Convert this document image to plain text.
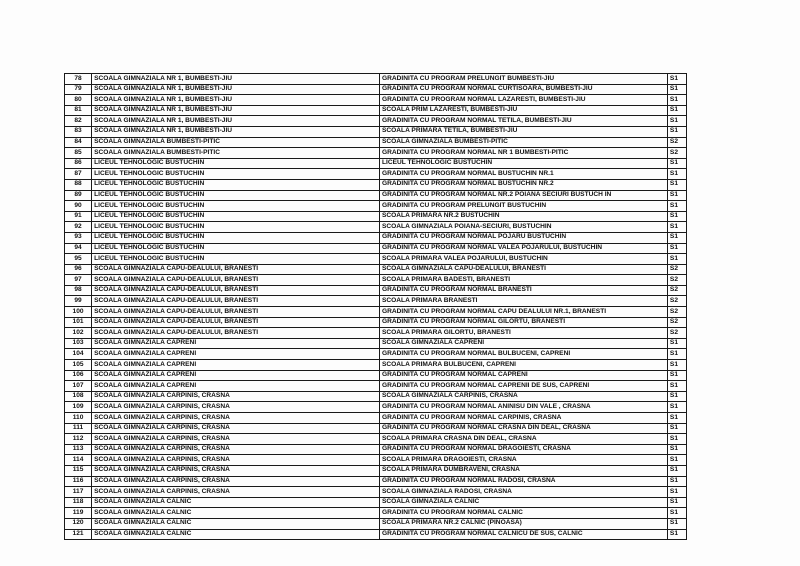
78	SCOALA GIMNAZIALA NR 1, BUMBESTI-JIU	GRADINITA CU PROGRAM PRELUNGIT BUMBESTI-JIU	S1
79	SCOALA GIMNAZIALA NR 1, BUMBESTI-JIU	GRADINITA CU PROGRAM NORMAL CURTISOARA, BUMBESTI-JIU	S1
80	SCOALA GIMNAZIALA NR 1, BUMBESTI-JIU	GRADINITA CU PROGRAM NORMAL LAZARESTI, BUMBESTI-JIU	S1
81	SCOALA GIMNAZIALA NR 1, BUMBESTI-JIU	SCOALA PRIM LAZARESTI, BUMBESTI-JIU	S1
82	SCOALA GIMNAZIALA NR 1, BUMBESTI-JIU	GRADINITA CU PROGRAM NORMAL TETILA, BUMBESTI-JIU	S1
83	SCOALA GIMNAZIALA NR 1, BUMBESTI-JIU	SCOALA PRIMARA TETILA, BUMBESTI-JIU	S1
84	SCOALA GIMNAZIALA BUMBESTI-PITIC	SCOALA GIMNAZIALA BUMBESTI-PITIC	S2
85	SCOALA GIMNAZIALA BUMBESTI-PITIC	GRADINITA CU PROGRAM NORMAL NR 1 BUMBESTI-PITIC	S2
86	LICEUL TEHNOLOGIC BUSTUCHIN	LICEUL TEHNOLOGIC BUSTUCHIN	S1
87	LICEUL TEHNOLOGIC BUSTUCHIN	GRADINITA CU PROGRAM NORMAL BUSTUCHIN NR.1	S1
88	LICEUL TEHNOLOGIC BUSTUCHIN	GRADINITA CU PROGRAM NORMAL BUSTUCHIN NR.2	S1
89	LICEUL TEHNOLOGIC BUSTUCHIN	GRADINITA CU PROGRAM NORMAL NR.2 POIANA SECIURI BUSTUCH IN	S1
90	LICEUL TEHNOLOGIC BUSTUCHIN	GRADINITA CU PROGRAM PRELUNGIT BUSTUCHIN	S1
91	LICEUL TEHNOLOGIC BUSTUCHIN	SCOALA PRIMARA NR.2 BUSTUCHIN	S1
92	LICEUL TEHNOLOGIC BUSTUCHIN	SCOALA GIMNAZIALA POIANA-SECIURI, BUSTUCHIN	S1
93	LICEUL TEHNOLOGIC BUSTUCHIN	GRADINITA CU PROGRAM NORMAL POJARU BUSTUCHIN	S1
94	LICEUL TEHNOLOGIC BUSTUCHIN	GRADINITA CU PROGRAM NORMAL VALEA POJARULUI, BUSTUCHIN	S1
95	LICEUL TEHNOLOGIC BUSTUCHIN	SCOALA PRIMARA VALEA POJARULUI, BUSTUCHIN	S1
96	SCOALA GIMNAZIALA CAPU-DEALULUI, BRANESTI	SCOALA GIMNAZIALA CAPU-DEALULUI, BRANESTI	S2
97	SCOALA GIMNAZIALA CAPU-DEALULUI, BRANESTI	SCOALA PRIMARA BADESTI, BRANESTI	S2
98	SCOALA GIMNAZIALA CAPU-DEALULUI, BRANESTI	GRADINITA CU PROGRAM NORMAL BRANESTI	S2
99	SCOALA GIMNAZIALA CAPU-DEALULUI, BRANESTI	SCOALA PRIMARA BRANESTI	S2
100	SCOALA GIMNAZIALA CAPU-DEALULUI, BRANESTI	GRADINITA CU PROGRAM NORMAL CAPU DEALULUI NR.1, BRANESTI	S2
101	SCOALA GIMNAZIALA CAPU-DEALULUI, BRANESTI	GRADINITA CU PROGRAM NORMAL GILORTU, BRANESTI	S2
102	SCOALA GIMNAZIALA CAPU-DEALULUI, BRANESTI	SCOALA PRIMARA GILORTU, BRANESTI	S2
103	SCOALA GIMNAZIALA CAPRENI	SCOALA GIMNAZIALA CAPRENI	S1
104	SCOALA GIMNAZIALA CAPRENI	GRADINITA CU PROGRAM NORMAL BULBUCENI, CAPRENI	S1
105	SCOALA GIMNAZIALA CAPRENI	SCOALA PRIMARA BULBUCENI, CAPRENI	S1
106	SCOALA GIMNAZIALA CAPRENI	GRADINITA CU PROGRAM NORMAL CAPRENI	S1
107	SCOALA GIMNAZIALA CAPRENI	GRADINITA CU PROGRAM NORMAL CAPRENII DE SUS, CAPRENI	S1
108	SCOALA GIMNAZIALA CARPINIS, CRASNA	SCOALA GIMNAZIALA CARPINIS, CRASNA	S1
109	SCOALA GIMNAZIALA CARPINIS, CRASNA	GRADINITA CU PROGRAM NORMAL ANINISU DIN VALE , CRASNA	S1
110	SCOALA GIMNAZIALA CARPINIS, CRASNA	GRADINITA CU PROGRAM NORMAL CARPINIS, CRASNA	S1
111	SCOALA GIMNAZIALA CARPINIS, CRASNA	GRADINITA CU PROGRAM NORMAL CRASNA DIN DEAL, CRASNA	S1
112	SCOALA GIMNAZIALA CARPINIS, CRASNA	SCOALA PRIMARA CRASNA DIN DEAL, CRASNA	S1
113	SCOALA GIMNAZIALA CARPINIS, CRASNA	GRADINITA CU PROGRAM NORMAL DRAGOIESTI, CRASNA	S1
114	SCOALA GIMNAZIALA CARPINIS, CRASNA	SCOALA PRIMARA DRAGOIESTI, CRASNA	S1
115	SCOALA GIMNAZIALA CARPINIS, CRASNA	SCOALA PRIMARA DUMBRAVENI, CRASNA	S1
116	SCOALA GIMNAZIALA CARPINIS, CRASNA	GRADINITA CU PROGRAM NORMAL RADOSI, CRASNA	S1
117	SCOALA GIMNAZIALA CARPINIS, CRASNA	SCOALA GIMNAZIALA RADOSI, CRASNA	S1
118	SCOALA GIMNAZIALA CALNIC	SCOALA GIMNAZIALA CALNIC	S1
119	SCOALA GIMNAZIALA CALNIC	GRADINITA CU PROGRAM NORMAL CALNIC	S1
120	SCOALA GIMNAZIALA CALNIC	SCOALA PRIMARA NR.2 CALNIC (PINOASA)	S1
121	SCOALA GIMNAZIALA CALNIC	GRADINITA CU PROGRAM NORMAL CALNICU DE SUS, CALNIC	S1
